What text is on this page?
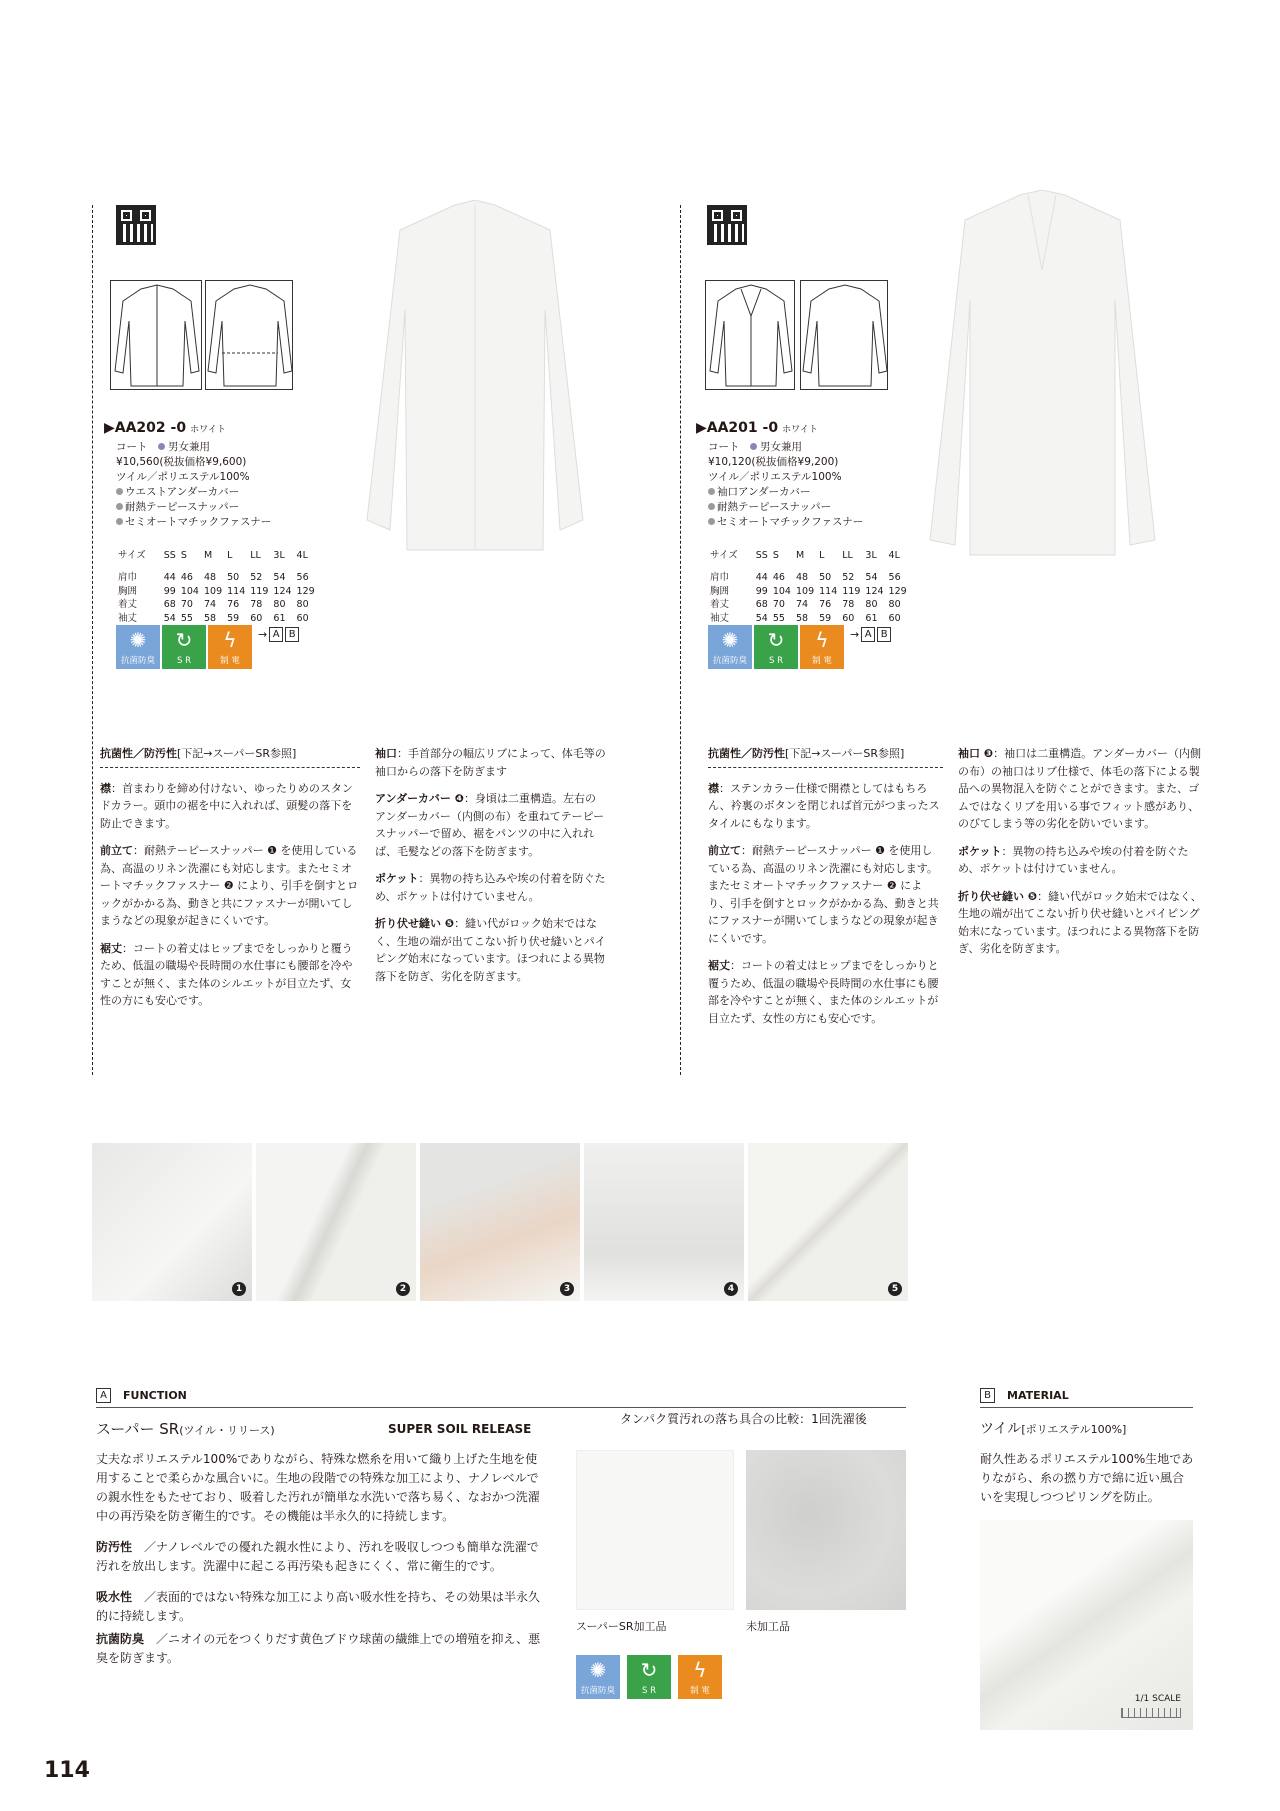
▶AA202 -0 ホワイト
コート　 男女兼用
¥10,560(税抜価格¥9,600)
ツイル／ポリエステル100%
ウエストアンダーカバー
耐熱テーピースナッパー
セミオートマチックファスナー
サイズ	SS	S	M	L	LL	3L	4L
肩巾	44	46	48	50	52	54	56
胸囲	99	104	109	114	119	124	129
着丈	68	70	74	76	78	80	80
袖丈	54	55	58	59	60	61	60
✺
抗菌防臭
↻
S R
ϟ
制 電
→ A B
抗菌性／防汚性[下記→スーパーSR参照]

襟：首まわりを締め付けない、ゆったりめのスタンドカラー。頭巾の裾を中に入れれば、頭髪の落下を防止できます。

前立て：耐熱テーピースナッパー ❶ を使用している為、高温のリネン洗濯にも対応します。またセミオートマチックファスナー ❷ により、引手を倒すとロックがかかる為、動きと共にファスナーが開いてしまうなどの現象が起きにくいです。

裾丈：コートの着丈はヒップまでをしっかりと覆うため、低温の職場や長時間の水仕事にも腰部を冷やすことが無く、また体のシルエットが目立たず、女性の方にも安心です。

袖口：手首部分の幅広リブによって、体毛等の袖口からの落下を防ぎます

アンダーカバー ❹：身頃は二重構造。左右のアンダーカバー（内側の布）を重ねてテーピースナッパーで留め、裾をパンツの中に入れれば、毛髪などの落下を防ぎます。

ポケット：異物の持ち込みや埃の付着を防ぐため、ポケットは付けていません。

折り伏せ縫い ❺：縫い代がロック始末ではなく、生地の端が出てこない折り伏せ縫いとパイピング始末になっています。ほつれによる異物落下を防ぎ、劣化を防ぎます。

▶AA201 -0 ホワイト
コート　 男女兼用
¥10,120(税抜価格¥9,200)
ツイル／ポリエステル100%
袖口アンダーカバー
耐熱テーピースナッパー
セミオートマチックファスナー
サイズ	SS	S	M	L	LL	3L	4L
肩巾	44	46	48	50	52	54	56
胸囲	99	104	109	114	119	124	129
着丈	68	70	74	76	78	80	80
袖丈	54	55	58	59	60	61	60
✺
抗菌防臭
↻
S R
ϟ
制 電
→ A B
抗菌性／防汚性[下記→スーパーSR参照]

襟：ステンカラー仕様で開襟としてはもちろん、衿裏のボタンを閉じれば首元がつまったスタイルにもなります。

前立て：耐熱テーピースナッパー ❶ を使用している為、高温のリネン洗濯にも対応します。またセミオートマチックファスナー ❷ により、引手を倒すとロックがかかる為、動きと共にファスナーが開いてしまうなどの現象が起きにくいです。

裾丈：コートの着丈はヒップまでをしっかりと覆うため、低温の職場や長時間の水仕事にも腰部を冷やすことが無く、また体のシルエットが目立たず、女性の方にも安心です。

袖口 ❸：袖口は二重構造。アンダーカバー（内側の布）の袖口はリブ仕様で、体毛の落下による製品への異物混入を防ぐことができます。また、ゴムではなくリブを用いる事でフィット感があり、のびてしまう等の劣化を防いでいます。

ポケット：異物の持ち込みや埃の付着を防ぐため、ポケットは付けていません。

折り伏せ縫い ❺：縫い代がロック始末ではなく、生地の端が出てこない折り伏せ縫いとパイピング始末になっています。ほつれによる異物落下を防ぎ、劣化を防ぎます。

1	2	3	4	5
A	FUNCTION
スーパー SR(ツイル・リリース)	SUPER SOIL RELEASE
タンパク質汚れの落ち具合の比較：1回洗濯後

丈夫なポリエステル100%でありながら、特殊な燃糸を用いて織り上げた生地を使用することで柔らかな風合いに。生地の段階での特殊な加工により、ナノレベルでの親水性をもたせており、吸着した汚れが簡単な水洗いで落ち易く、なおかつ洗濯中の再汚染を防ぎ衛生的です。その機能は半永久的に持続します。

防汚性　 ／ナノレベルでの優れた親水性により、汚れを吸収しつつも簡単な洗濯で汚れを放出します。洗濯中に起こる再汚染も起きにくく、常に衛生的です。

吸水性　 ／表面的ではない特殊な加工により高い吸水性を持ち、その効果は半永久的に持続します。

抗菌防臭　 ／ニオイの元をつくりだす黄色ブドウ球菌の繊維上での増殖を抑え、悪臭を防ぎます。

スーパーSR加工品	未加工品
✺
抗菌防臭
↻
S R
ϟ
制 電
B	MATERIAL
ツイル[ポリエステル100%]
耐久性あるポリエステル100%生地でありながら、糸の撚り方で綿に近い風合いを実現しつつピリングを防止。
1/1 SCALE
114
